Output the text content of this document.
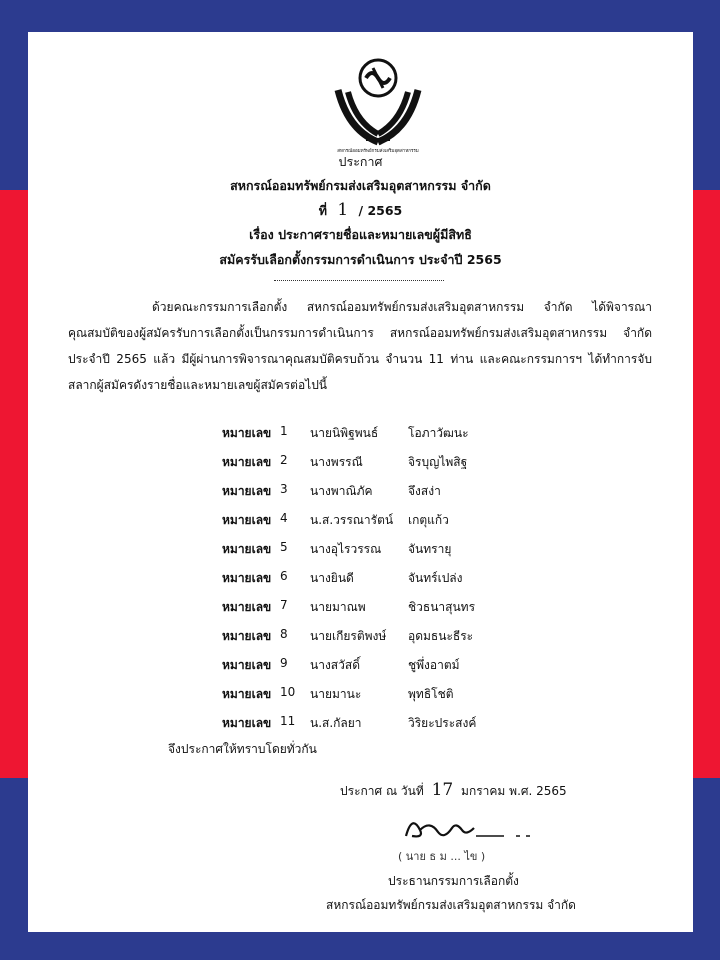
สหกรณ์ออมทรัพย์กรมส่งเสริมอุตสาหกรรม
ประกาศ
สหกรณ์ออมทรัพย์กรมส่งเสริมอุตสาหกรรม จำกัด
ที่ 1 / 2565
เรื่อง ประกาศรายชื่อและหมายเลขผู้มีสิทธิ
สมัครรับเลือกตั้งกรรมการดำเนินการ ประจำปี 2565
ด้วยคณะกรรมการเลือกตั้ง สหกรณ์ออมทรัพย์กรมส่งเสริมอุตสาหกรรม จำกัด ได้พิจารณาคุณสมบัติของผู้สมัครรับการเลือกตั้งเป็นกรรมการดำเนินการ สหกรณ์ออมทรัพย์กรมส่งเสริมอุตสาหกรรม จำกัด ประจำปี 2565 แล้ว มีผู้ผ่านการพิจารณาคุณสมบัติครบถ้วน จำนวน 11 ท่าน และคณะกรรมการฯ ได้ทำการจับสลากผู้สมัครดังรายชื่อและหมายเลขผู้สมัครต่อไปนี้
หมายเลข 1 นายนิพิฐพนธ์ โอภาวัฒนะ
หมายเลข 2 นางพรรณี	จิรบุญไพสิฐ
หมายเลข 3 นางพาณิภัค	จึงสง่า
หมายเลข 4 น.ส.วรรณารัตน์ เกตุแก้ว
หมายเลข 5 นางอุไรวรรณ จันทรายุ
หมายเลข 6 นางยินดี	จันทร์เปล่ง
หมายเลข 7 นายมาณพ	ชิวธนาสุนทร
หมายเลข 8 นายเกียรติพงษ์ อุดมธนะธีระ
หมายเลข 9 นางสวัสดิ์	ชูพึ่งอาตม์
หมายเลข 10 นายมานะ	พุทธิโชติ
หมายเลข 11 น.ส.กัลยา	วิริยะประสงค์
จึงประกาศให้ทราบโดยทั่วกัน
ประกาศ ณ วันที่ 17 มกราคม พ.ศ. 2565
( นาย ธ ม ... ไข )
ประธานกรรมการเลือกตั้ง
สหกรณ์ออมทรัพย์กรมส่งเสริมอุตสาหกรรม จำกัด
